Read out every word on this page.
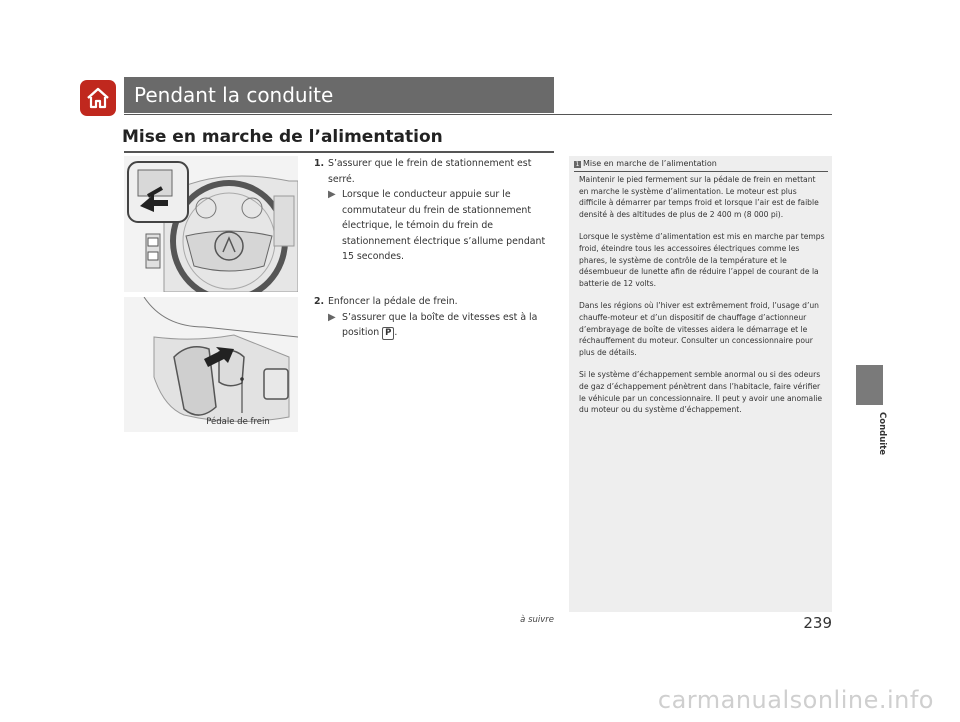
Pendant la conduite
Mise en marche de l’alimentation
Pédale de frein
1. S’assurer que le frein de stationnement est serré.
▶ Lorsque le conducteur appuie sur le commutateur du frein de stationnement électrique, le témoin du frein de stationnement électrique s’allume pendant 15 secondes.
2. Enfoncer la pédale de frein.
▶ S’assurer que la boîte de vitesses est à la position P .
1 Mise en marche de l’alimentation

Maintenir le pied fermement sur la pédale de frein en mettant en marche le système d’alimentation. Le moteur est plus difficile à démarrer par temps froid et lorsque l’air est de faible densité à des altitudes de plus de 2 400 m (8 000 pi).

Lorsque le système d’alimentation est mis en marche par temps froid, éteindre tous les accessoires électriques comme les phares, le système de contrôle de la température et le désembueur de lunette afin de réduire l’appel de courant de la batterie de 12 volts.

Dans les régions où l’hiver est extrêmement froid, l’usage d’un chauffe-moteur et d’un dispositif de chauffage d’actionneur d’embrayage de boîte de vitesses aidera le démarrage et le réchauffement du moteur. Consulter un concessionnaire pour plus de détails.

Si le système d’échappement semble anormal ou si des odeurs de gaz d’échappement pénètrent dans l’habitacle, faire vérifier le véhicule par un concessionnaire. Il peut y avoir une anomalie du moteur ou du système d’échappement.

Conduite
à suivre	239
carmanualsonline.info
